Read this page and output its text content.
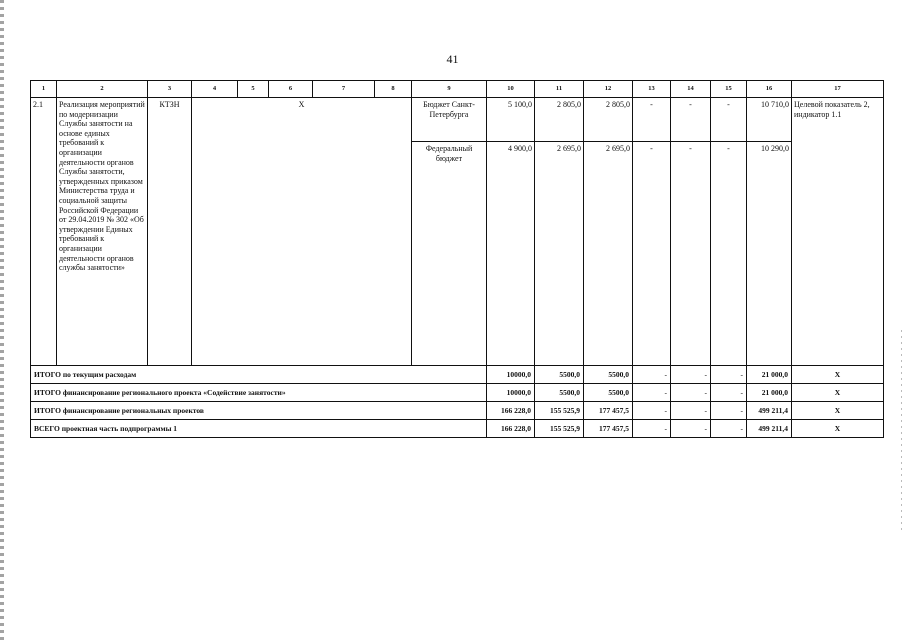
41
1	2	3	4	5	6	7	8	9	10	11	12	13	14	15	16	17
2.1	Реализация мероприятий по модернизации Службы занятости на основе единых требований к организации деятельности органов Службы занятости, утвержденных приказом Министерства труда и социальной защиты Российской Федерации от 29.04.2019 № 302 «Об утверждении Единых требований к организации деятельности органов службы занятости»	КТЗН	Х					Бюджет Санкт-Петербурга	5 100,0	2 805,0	2 805,0	-	-	-	10 710,0	Целевой показатель 2, индикатор 1.1
								Федеральный бюджет	4 900,0	2 695,0	2 695,0	-	-	-	10 290,0	
ИТОГО по текущим расходам									10000,0	5500,0	5500,0	-	-	-	21 000,0	Х
ИТОГО финансирование регионального проекта «Содействие занятости»									10000,0	5500,0	5500,0	-	-	-	21 000,0	Х
ИТОГО финансирование региональных проектов									166 228,0	155 525,9	177 457,5	-	-	-	499 211,4	Х
ВСЕГО проектная часть подпрограммы 1									166 228,0	155 525,9	177 457,5	-	-	-	499 211,4	Х
